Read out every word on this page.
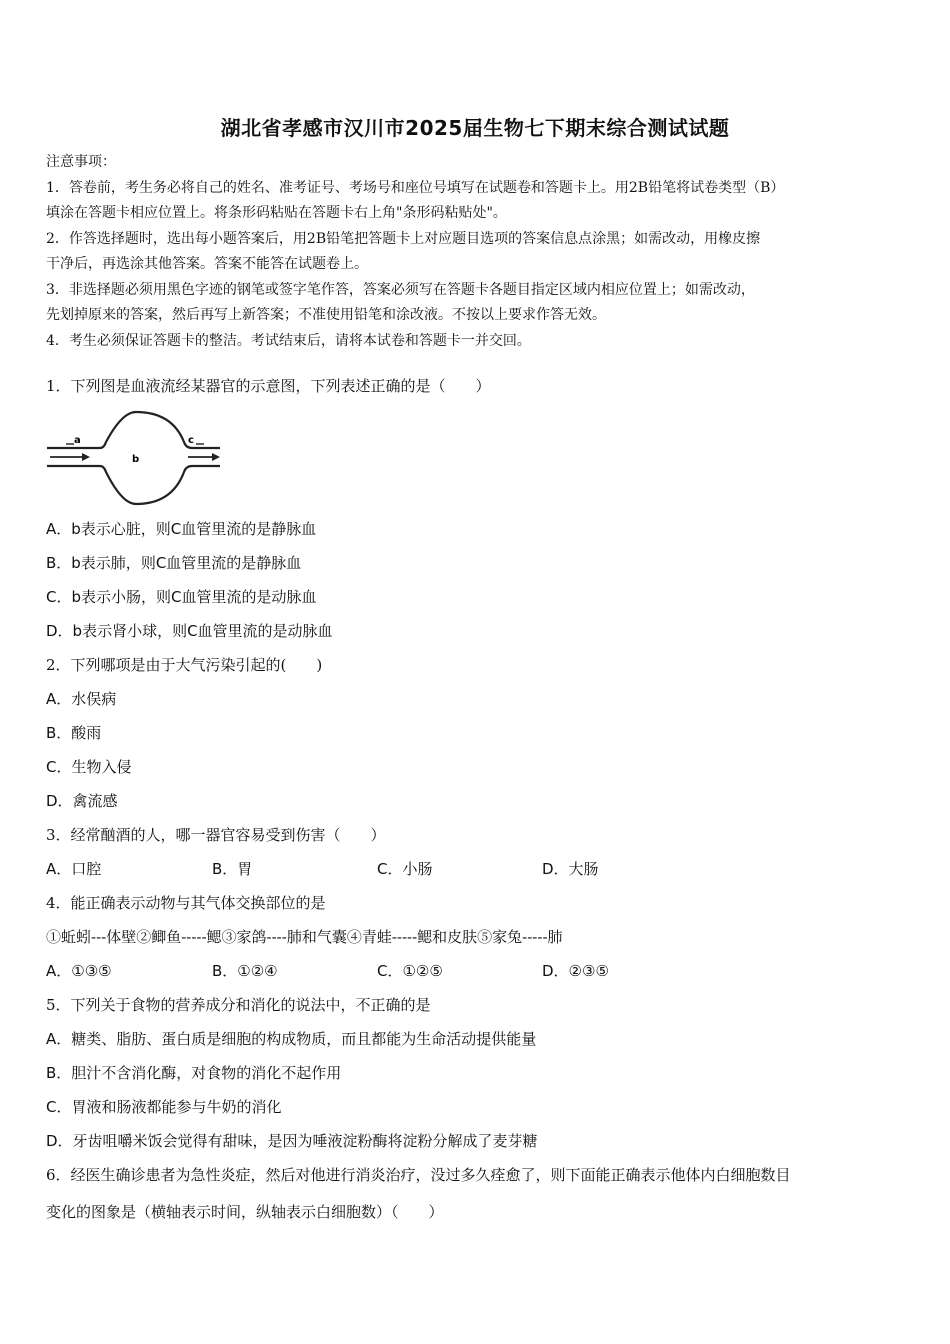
湖北省孝感市汉川市2025届生物七下期末综合测试试题
注意事项：
1．答卷前，考生务必将自己的姓名、准考证号、考场号和座位号填写在试题卷和答题卡上。用2B铅笔将试卷类型（B）
填涂在答题卡相应位置上。将条形码粘贴在答题卡右上角"条形码粘贴处"。
2．作答选择题时，选出每小题答案后，用2B铅笔把答题卡上对应题目选项的答案信息点涂黑；如需改动，用橡皮擦
干净后，再选涂其他答案。答案不能答在试题卷上。
3．非选择题必须用黑色字迹的钢笔或签字笔作答，答案必须写在答题卡各题目指定区域内相应位置上；如需改动，
先划掉原来的答案，然后再写上新答案；不准使用铅笔和涂改液。不按以上要求作答无效。
4．考生必须保证答题卡的整洁。考试结束后，请将本试卷和答题卡一并交回。
1．下列图是血液流经某器官的示意图，下列表述正确的是（　　）
a
b
c
A．b表示心脏，则C血管里流的是静脉血
B．b表示肺，则C血管里流的是静脉血
C．b表示小肠，则C血管里流的是动脉血
D．b表示肾小球，则C血管里流的是动脉血
2．下列哪项是由于大气污染引起的(　　)
A．水俣病
B．酸雨
C．生物入侵
D．禽流感
3．经常酗酒的人，哪一器官容易受到伤害（　　）
A．口腔	B．胃	C．小肠	D．大肠
4．能正确表示动物与其气体交换部位的是
①蚯蚓---体壁②鲫鱼-----鳃③家鸽----肺和气囊④青蛙-----鳃和皮肤⑤家兔-----肺
A．①③⑤	B．①②④	C．①②⑤	D．②③⑤
5．下列关于食物的营养成分和消化的说法中，不正确的是
A．糖类、脂肪、蛋白质是细胞的构成物质，而且都能为生命活动提供能量
B．胆汁不含消化酶，对食物的消化不起作用
C．胃液和肠液都能参与牛奶的消化
D．牙齿咀嚼米饭会觉得有甜味，是因为唾液淀粉酶将淀粉分解成了麦芽糖
6．经医生确诊患者为急性炎症，然后对他进行消炎治疗，没过多久痊愈了，则下面能正确表示他体内白细胞数目
变化的图象是（横轴表示时间，纵轴表示白细胞数）（　　）
